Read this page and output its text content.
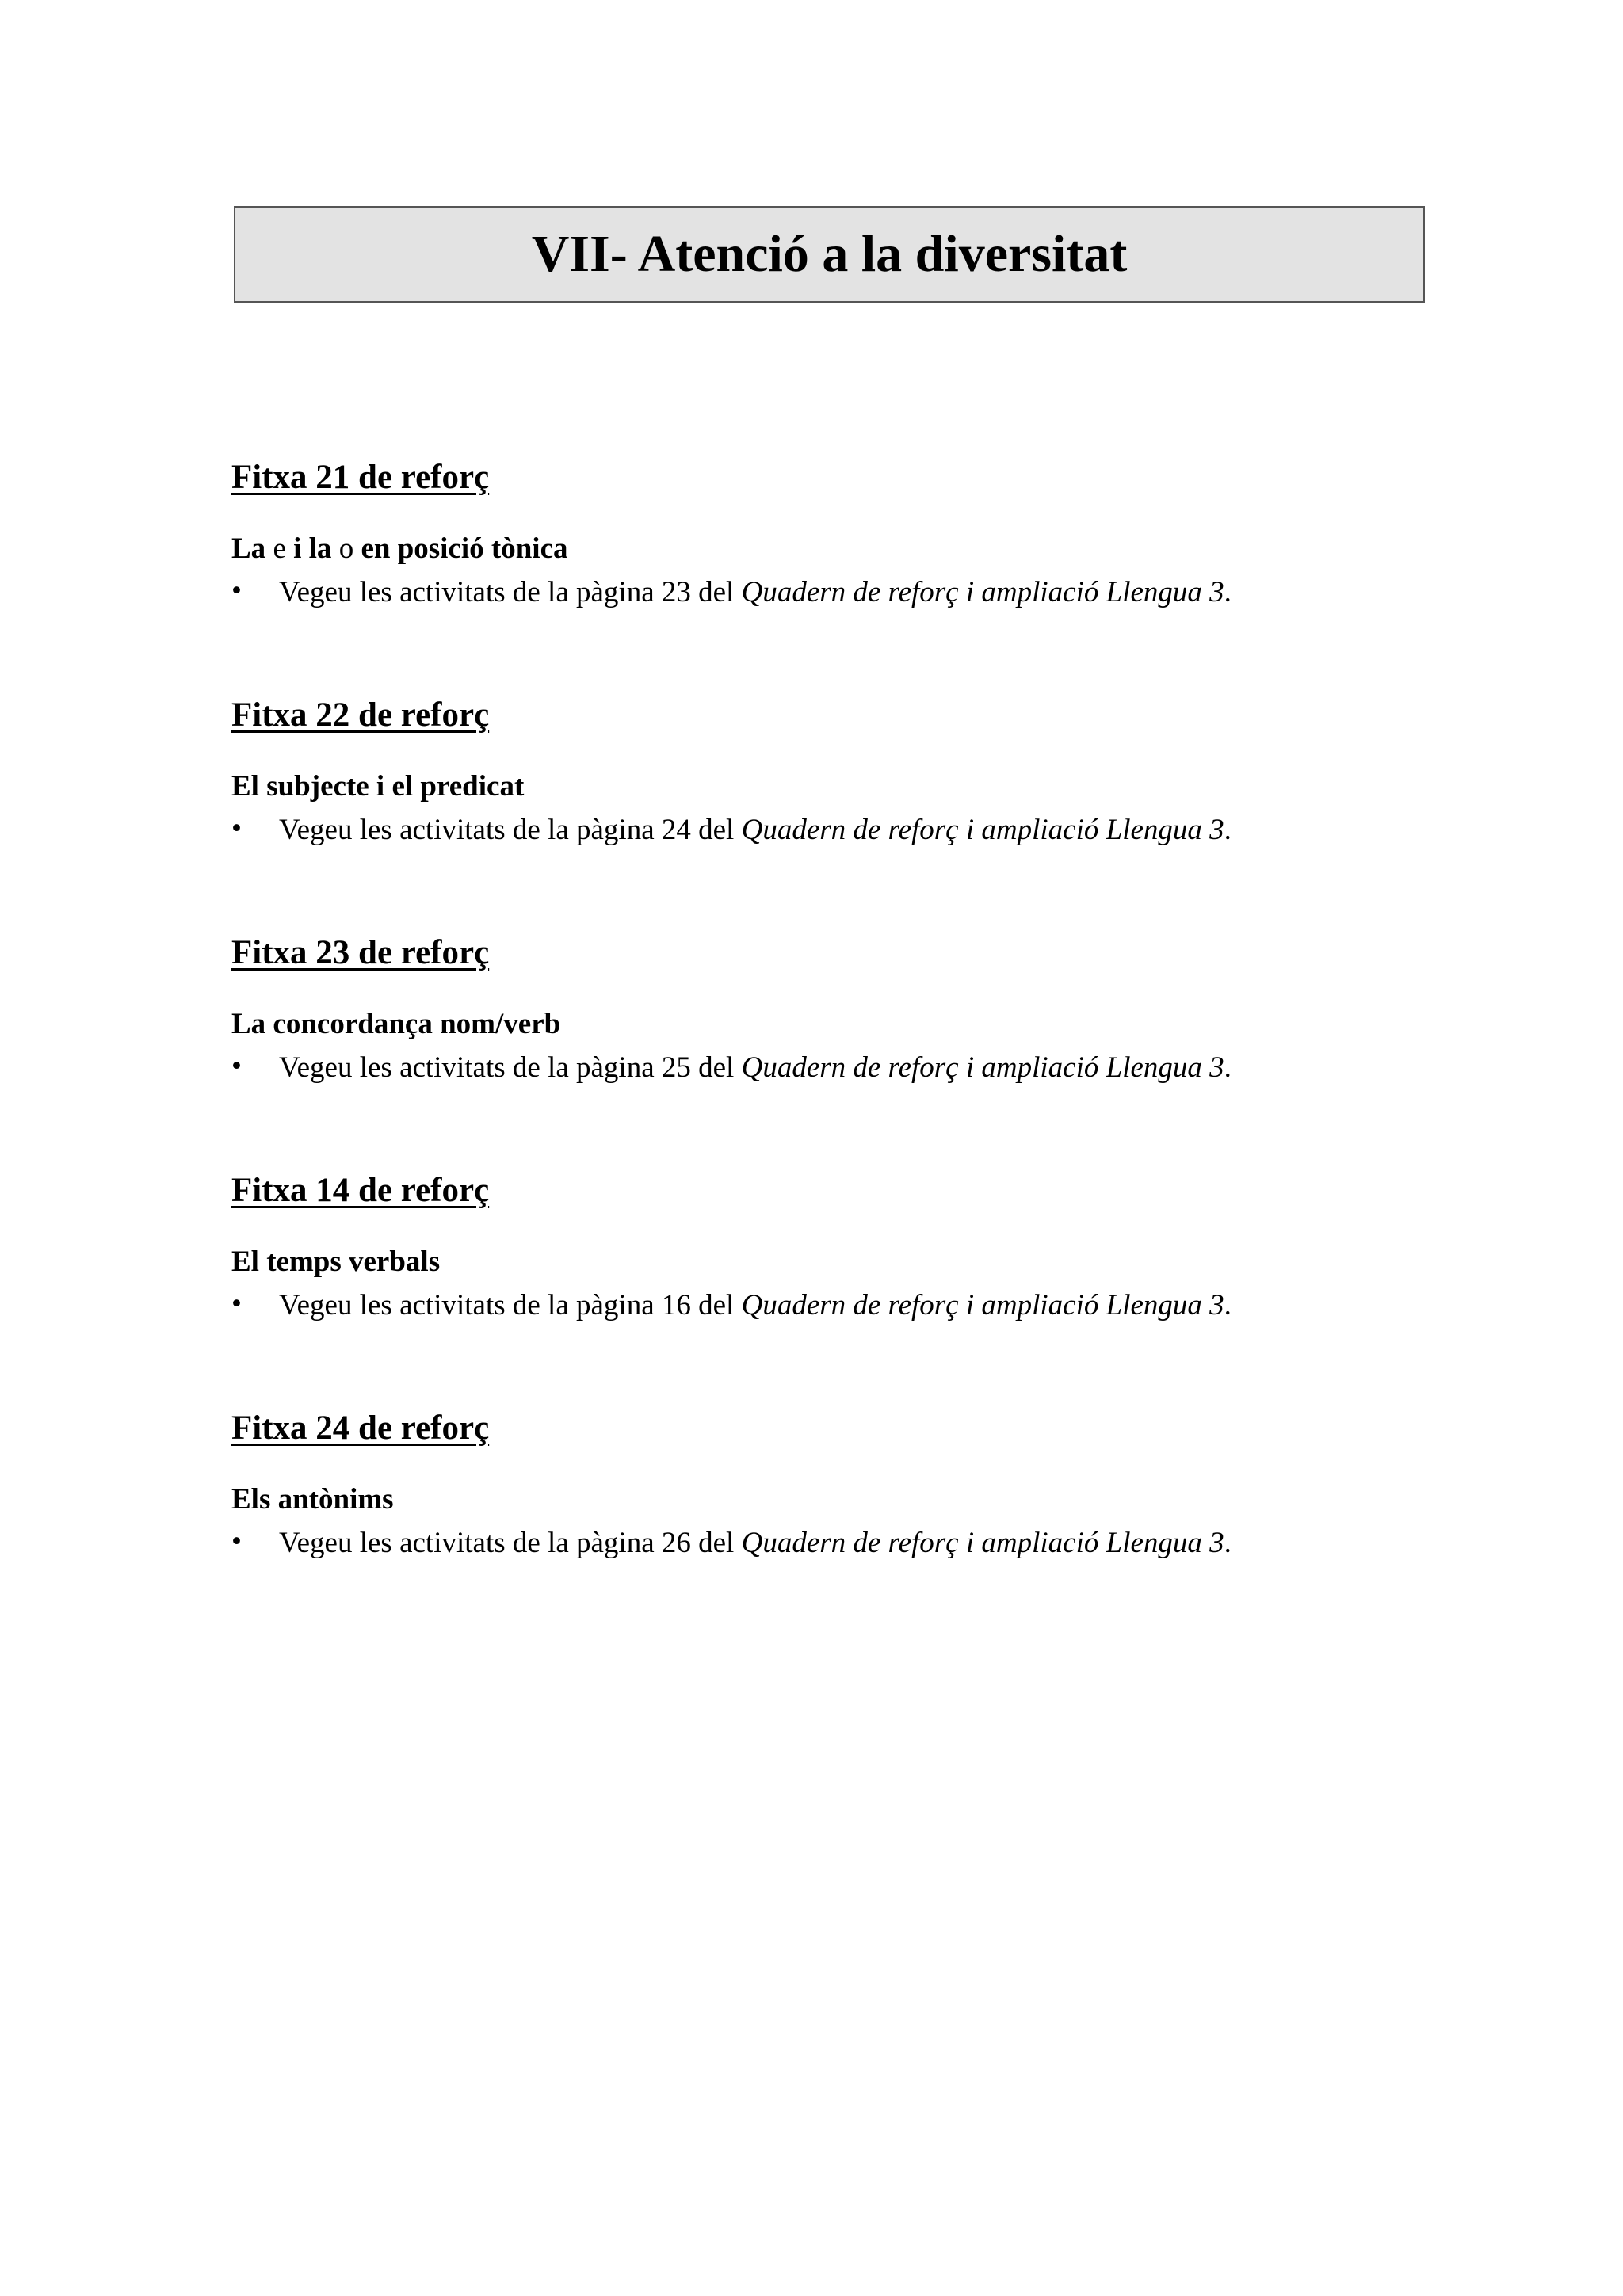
VII- Atenció a la diversitat
Fitxa 21 de reforç
La e i la o en posició tònica
• Vegeu les activitats de la pàgina 23 del Quadern de reforç i ampliació Llengua 3.
Fitxa 22 de reforç
El subjecte i el predicat
• Vegeu les activitats de la pàgina 24 del Quadern de reforç i ampliació Llengua 3.
Fitxa 23 de reforç
La concordança nom/verb
• Vegeu les activitats de la pàgina 25 del Quadern de reforç i ampliació Llengua 3.
Fitxa 14 de reforç
El temps verbals
• Vegeu les activitats de la pàgina 16 del Quadern de reforç i ampliació Llengua 3.
Fitxa 24 de reforç
Els antònims
• Vegeu les activitats de la pàgina 26 del Quadern de reforç i ampliació Llengua 3.
